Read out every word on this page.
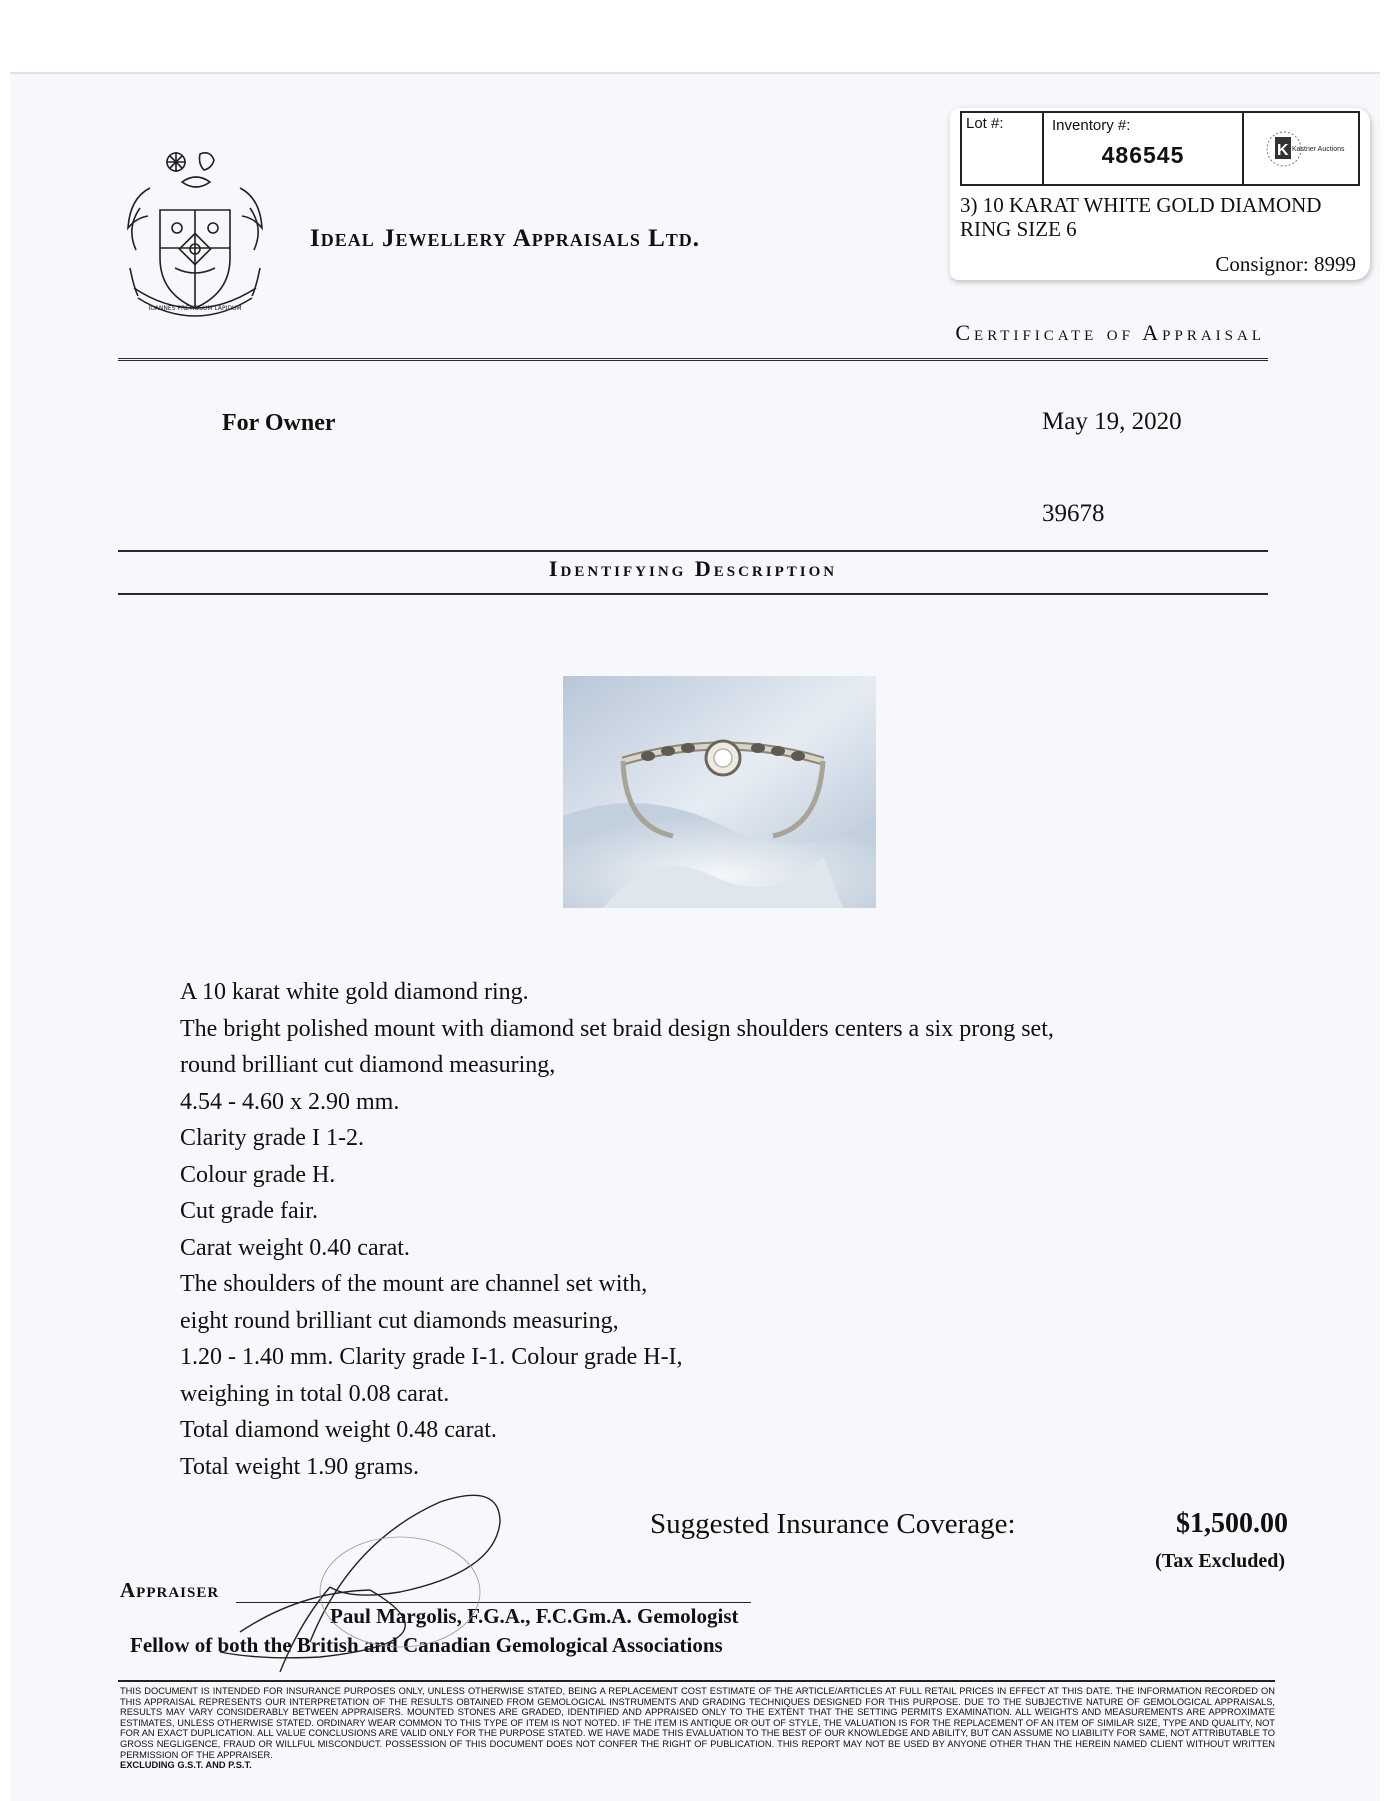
IOANNES PRETIOSUM LAPIDUM
Ideal Jewellery Appraisals Ltd.
Lot #:	Inventory #:
486545	K Kastner Auctions
3) 10 KARAT WHITE GOLD DIAMOND
RING SIZE 6
Consignor: 8999
Certificate of Appraisal
For Owner	May 19, 2020
39678
Identifying Description
A 10 karat white gold diamond ring.
The bright polished mount with diamond set braid design shoulders centers a six prong set,
round brilliant cut diamond measuring,
4.54 - 4.60 x 2.90 mm.
Clarity grade I 1-2.
Colour grade H.
Cut grade fair.
Carat weight 0.40 carat.
The shoulders of the mount are channel set with,
eight round brilliant cut diamonds measuring,
1.20 - 1.40 mm. Clarity grade I-1. Colour grade H-I,
weighing in total 0.08 carat.
Total diamond weight 0.48 carat.
Total weight 1.90 grams.
Suggested Insurance Coverage:	$1,500.00
(Tax Excluded)
Appraiser
Paul Margolis, F.G.A., F.C.Gm.A. Gemologist
Fellow of both the British and Canadian Gemological Associations
THIS DOCUMENT IS INTENDED FOR INSURANCE PURPOSES ONLY, UNLESS OTHERWISE STATED, BEING A REPLACEMENT COST ESTIMATE OF THE ARTICLE/ARTICLES AT FULL RETAIL PRICES IN EFFECT AT THIS DATE. THE INFORMATION RECORDED ON THIS APPRAISAL REPRESENTS OUR INTERPRETATION OF THE RESULTS OBTAINED FROM GEMOLOGICAL INSTRUMENTS AND GRADING TECHNIQUES DESIGNED FOR THIS PURPOSE. DUE TO THE SUBJECTIVE NATURE OF GEMOLOGICAL APPRAISALS, RESULTS MAY VARY CONSIDERABLY BETWEEN APPRAISERS. MOUNTED STONES ARE GRADED, IDENTIFIED AND APPRAISED ONLY TO THE EXTENT THAT THE SETTING PERMITS EXAMINATION. ALL WEIGHTS AND MEASUREMENTS ARE APPROXIMATE ESTIMATES, UNLESS OTHERWISE STATED. ORDINARY WEAR COMMON TO THIS TYPE OF ITEM IS NOT NOTED. IF THE ITEM IS ANTIQUE OR OUT OF STYLE, THE VALUATION IS FOR THE REPLACEMENT OF AN ITEM OF SIMILAR SIZE, TYPE AND QUALITY, NOT FOR AN EXACT DUPLICATION. ALL VALUE CONCLUSIONS ARE VALID ONLY FOR THE PURPOSE STATED. WE HAVE MADE THIS EVALUATION TO THE BEST OF OUR KNOWLEDGE AND ABILITY, BUT CAN ASSUME NO LIABILITY FOR SAME, NOT ATTRIBUTABLE TO GROSS NEGLIGENCE, FRAUD OR WILLFUL MISCONDUCT. POSSESSION OF THIS DOCUMENT DOES NOT CONFER THE RIGHT OF PUBLICATION. THIS REPORT MAY NOT BE USED BY ANYONE OTHER THAN THE HEREIN NAMED CLIENT WITHOUT WRITTEN PERMISSION OF THE APPRAISER.
EXCLUDING G.S.T. AND P.S.T.
